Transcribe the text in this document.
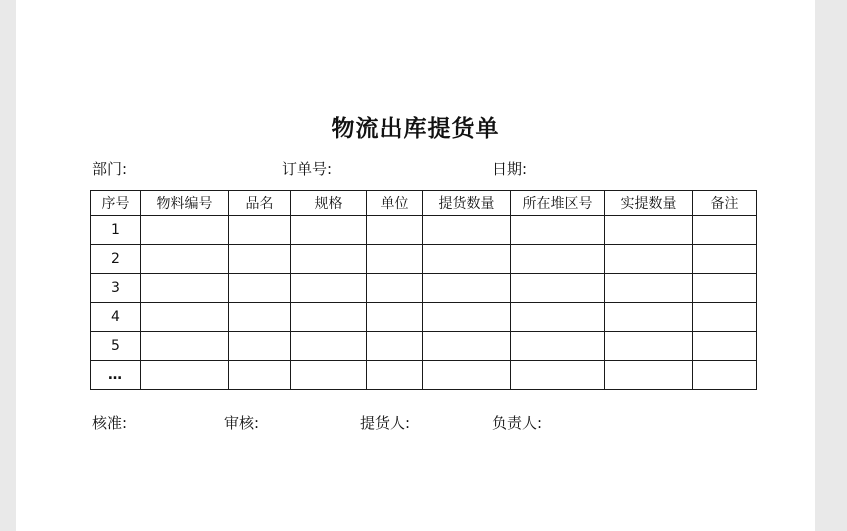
物流出库提货单
部门:	订单号:	日期:
序号	物料编号	品名	规格	单位	提货数量	所在堆区号	实提数量	备注
1								
2								
3								
4								
5								
…								
核准:	审核:	提货人:	负责人:
